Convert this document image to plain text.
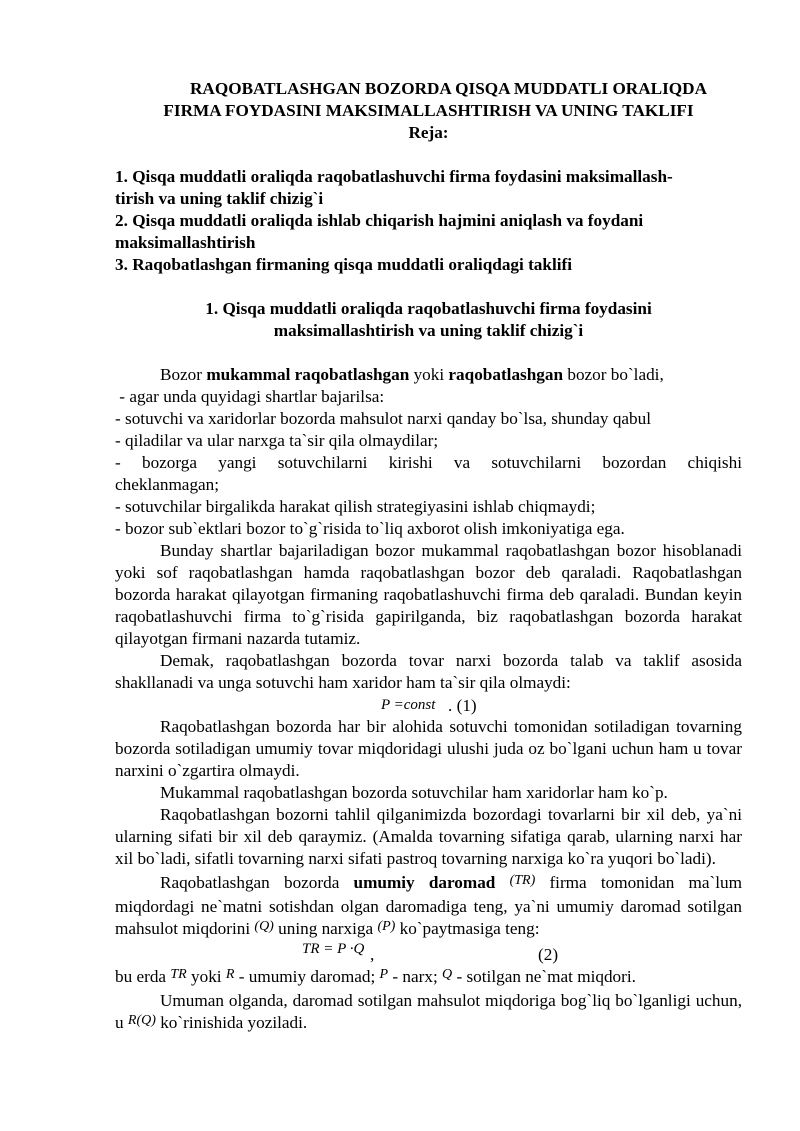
RAQOBATLASHGAN BOZORDA QISQA MUDDATLI ORALIQDA
FIRMA FOYDASINI MAKSIMALLASHTIRISH VA UNING TAKLIFI
Reja:

1. Qisqa muddatli oraliqda raqobatlashuvchi firma foydasini maksimallash-
tirish va uning taklif chizig`i

2. Qisqa muddatli oraliqda ishlab chiqarish hajmini aniqlash va foydani
maksimallashtirish

3. Raqobatlashgan firmaning qisqa muddatli oraliqdagi taklifi

1. Qisqa muddatli oraliqda raqobatlashuvchi firma foydasini
maksimallashtirish va uning taklif chizig`i

Bozor mukammal raqobatlashgan yoki raqobatlashgan bozor bo`ladi,

- agar unda quyidagi shartlar bajarilsa:

- sotuvchi va xaridorlar bozorda mahsulot narxi qanday bo`lsa, shunday qabul

- qiladilar va ular narxga ta`sir qila olmaydilar;

- bozorga yangi sotuvchilarni kirishi va sotuvchilarni bozordan chiqishi cheklanmagan;

- sotuvchilar birgalikda harakat qilish strategiyasini ishlab chiqmaydi;

- bozor sub`ektlari bozor to`g`risida to`liq axborot olish imkoniyatiga ega.

Bunday shartlar bajariladigan bozor mukammal raqobatlashgan bozor hisoblanadi yoki sof raqobatlashgan hamda raqobatlashgan bozor deb qaraladi. Raqobatlashgan bozorda harakat qilayotgan firmaning raqobatlashuvchi firma deb qaraladi. Bundan keyin raqobatlashuvchi firma to`g`risida gapirilganda, biz raqobatlashgan bozorda harakat qilayotgan firmani nazarda tutamiz.

Demak, raqobatlashgan bozorda tovar narxi bozorda talab va taklif asosida shakllanadi va unga sotuvchi ham xaridor ham ta`sir qila olmaydi:

P =const . (1)

Raqobatlashgan bozorda har bir alohida sotuvchi tomonidan sotiladigan tovarning bozorda sotiladigan umumiy tovar miqdoridagi ulushi juda oz bo`lgani uchun ham u tovar narxini o`zgartira olmaydi.

Mukammal raqobatlashgan bozorda sotuvchilar ham xaridorlar ham ko`p.

Raqobatlashgan bozorni tahlil qilganimizda bozordagi tovarlarni bir xil deb, ya`ni ularning sifati bir xil deb qaraymiz. (Amalda tovarning sifatiga qarab, ularning narxi har xil bo`ladi, sifatli tovarning narxi sifati pastroq tovarning narxiga ko`ra yuqori bo`ladi).

Raqobatlashgan bozorda umumiy daromad $^{(TR)}$ firma tomonidan ma`lum miqdordagi ne`matni sotishdan olgan daromadiga teng, ya`ni umumiy daromad sotilgan mahsulot miqdorini $^{(Q)}$ uning narxiga $^{(P)}$ ko`paytmasiga teng:

TR = P ·Q ,	(2)

bu erda $^{TR}$ yoki $^R$ - umumiy daromad; $^P$ - narx; $^Q$ - sotilgan ne`mat miqdori.

Umuman olganda, daromad sotilgan mahsulot miqdoriga bog`liq bo`lganligi uchun, u $^{R(Q)}$ ko`rinishida yoziladi.
